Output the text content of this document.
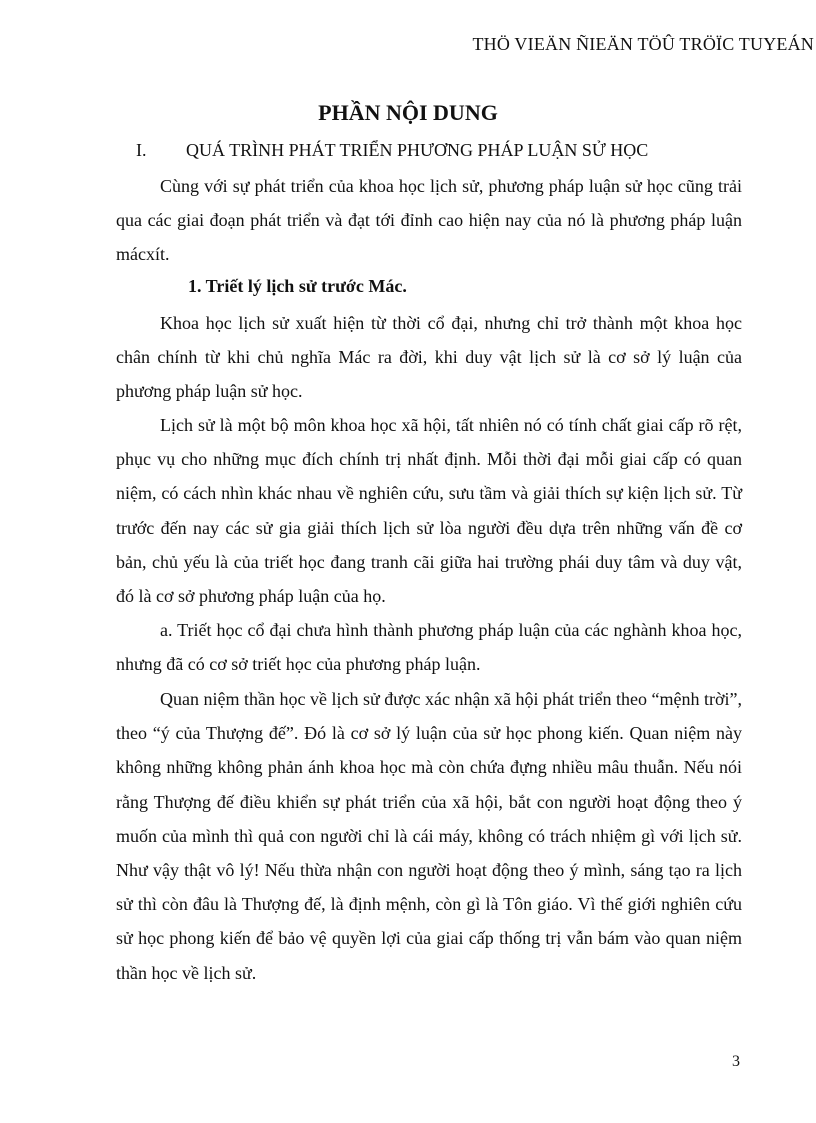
THÖ VIEÄN ÑIEÄN TÖÛ TRÖÏC TUYEÁN
PHẦN NỘI DUNG

I. QUÁ TRÌNH PHÁT TRIỂN PHƯƠNG PHÁP LUẬN SỬ HỌC

Cùng với sự phát triển của khoa học lịch sử, phương pháp luận sử học cũng trải qua các giai đoạn phát triển và đạt tới đỉnh cao hiện nay của nó là phương pháp luận mácxít.

1. Triết lý lịch sử trước Mác.

Khoa học lịch sử xuất hiện từ thời cổ đại, nhưng chỉ trở thành một khoa học chân chính từ khi chủ nghĩa Mác ra đời, khi duy vật lịch sử là cơ sở lý luận của phương pháp luận sử học.

Lịch sử là một bộ môn khoa học xã hội, tất nhiên nó có tính chất giai cấp rõ rệt, phục vụ cho những mục đích chính trị nhất định. Mỗi thời đại mỗi giai cấp có quan niệm, có cách nhìn khác nhau về nghiên cứu, sưu tầm và giải thích sự kiện lịch sử. Từ trước đến nay các sử gia giải thích lịch sử lòa người đều dựa trên những vấn đề cơ bản, chủ yếu là của triết học đang tranh cãi giữa hai trường phái duy tâm và duy vật, đó là cơ sở phương pháp luận của họ.

a. Triết học cổ đại chưa hình thành phương pháp luận của các nghành khoa học, nhưng đã có cơ sở triết học của phương pháp luận.

Quan niệm thần học về lịch sử được xác nhận xã hội phát triển theo “mệnh trời”, theo “ý của Thượng đế”. Đó là cơ sở lý luận của sử học phong kiến. Quan niệm này không những không phản ánh khoa học mà còn chứa đựng nhiều mâu thuẫn. Nếu nói rằng Thượng đế điều khiển sự phát triển của xã hội, bắt con người hoạt động theo ý muốn của mình thì quả con người chỉ là cái máy, không có trách nhiệm gì với lịch sử. Như vậy thật vô lý! Nếu thừa nhận con người hoạt động theo ý mình, sáng tạo ra lịch sử thì còn đâu là Thượng đế, là định mệnh, còn gì là Tôn giáo. Vì thế giới nghiên cứu sử học phong kiến để bảo vệ quyền lợi của giai cấp thống trị vẫn bám vào quan niệm thần học về lịch sử.

3
